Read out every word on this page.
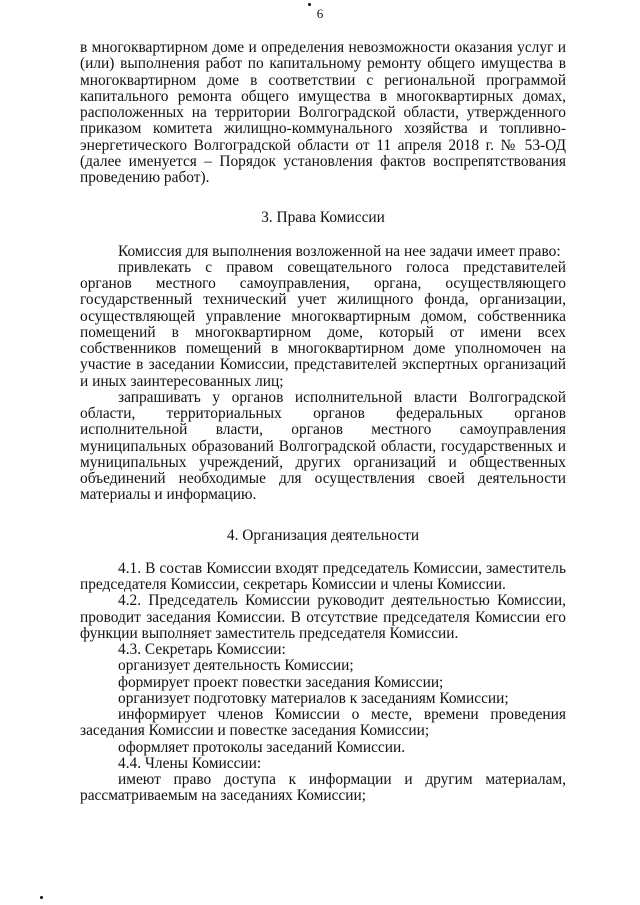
6

в многоквартирном доме и определения невозможности оказания услуг и (или) выполнения работ по капитальному ремонту общего имущества в многоквартирном доме в соответствии с региональной программой капитального ремонта общего имущества в многоквартирных домах, расположенных на территории Волгоградской области, утвержденного приказом комитета жилищно-коммунального хозяйства и топливно-энергетического Волгоградской области от 11 апреля 2018 г. № 53-ОД (далее именуется – Порядок установления фактов воспрепятствования проведению работ).

3. Права Комиссии

Комиссия для выполнения возложенной на нее задачи имеет право:

привлекать с правом совещательного голоса представителей органов местного самоуправления, органа, осуществляющего государственный технический учет жилищного фонда, организации, осуществляющей управление многоквартирным домом, собственника помещений в многоквартирном доме, который от имени всех собственников помещений в многоквартирном доме уполномочен на участие в заседании Комиссии, представителей экспертных организаций и иных заинтересованных лиц;

запрашивать у органов исполнительной власти Волгоградской области, территориальных органов федеральных органов исполнительной власти, органов местного самоуправления муниципальных образований Волгоградской области, государственных и муниципальных учреждений, других организаций и общественных объединений необходимые для осуществления своей деятельности материалы и информацию.

4. Организация деятельности

4.1. В состав Комиссии входят председатель Комиссии, заместитель председателя Комиссии, секретарь Комиссии и члены Комиссии.

4.2. Председатель Комиссии руководит деятельностью Комиссии, проводит заседания Комиссии. В отсутствие председателя Комиссии его функции выполняет заместитель председателя Комиссии.

4.3. Секретарь Комиссии:

организует деятельность Комиссии;

формирует проект повестки заседания Комиссии;

организует подготовку материалов к заседаниям Комиссии;

информирует членов Комиссии о месте, времени проведения заседания Комиссии и повестке заседания Комиссии;

оформляет протоколы заседаний Комиссии.

4.4. Члены Комиссии:

имеют право доступа к информации и другим материалам, рассматриваемым на заседаниях Комиссии;
